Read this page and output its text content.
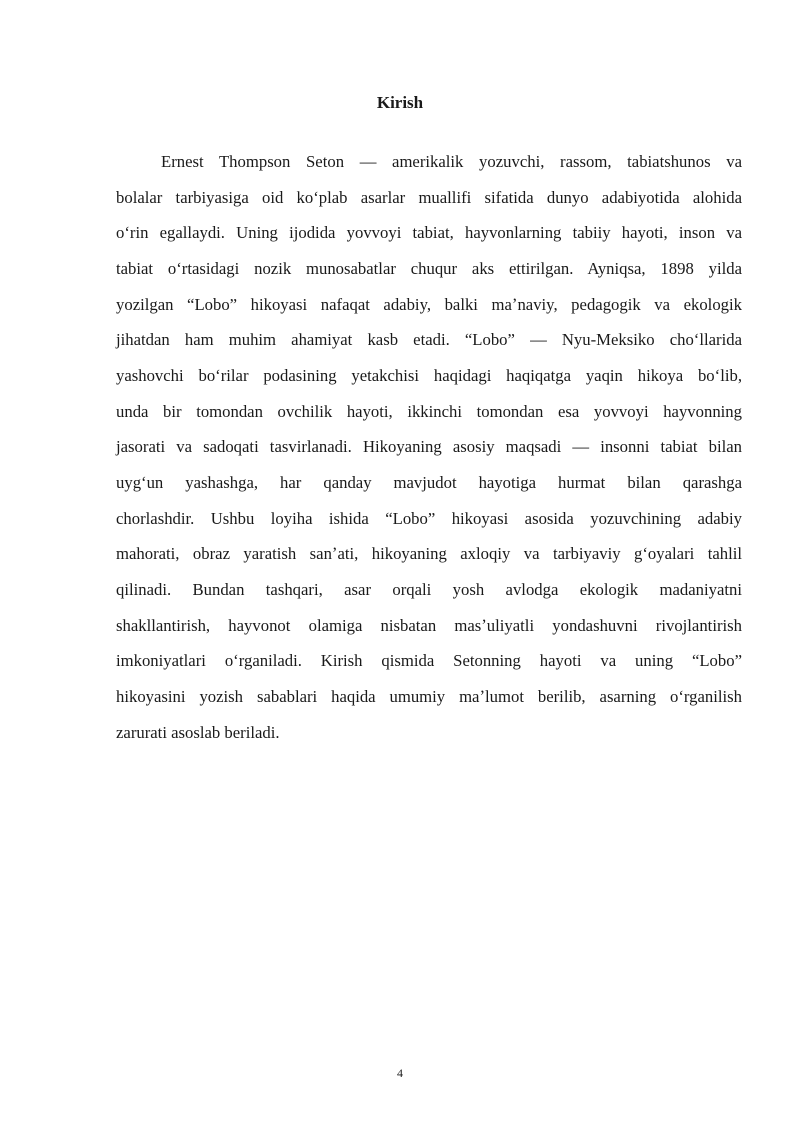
Kirish
Ernest Thompson Seton — amerikalik yozuvchi, rassom, tabiatshunos va
bolalar tarbiyasiga oid koʻplab asarlar muallifi sifatida dunyo adabiyotida alohida
oʻrin egallaydi. Uning ijodida yovvoyi tabiat, hayvonlarning tabiiy hayoti, inson va
tabiat oʻrtasidagi nozik munosabatlar chuqur aks ettirilgan. Ayniqsa, 1898 yilda
yozilgan “Lobo” hikoyasi nafaqat adabiy, balki maʼnaviy, pedagogik va ekologik
jihatdan ham muhim ahamiyat kasb etadi. “Lobo” — Nyu-Meksiko choʻllarida
yashovchi boʻrilar podasining yetakchisi haqidagi haqiqatga yaqin hikoya boʻlib,
unda bir tomondan ovchilik hayoti, ikkinchi tomondan esa yovvoyi hayvonning
jasorati va sadoqati tasvirlanadi. Hikoyaning asosiy maqsadi — insonni tabiat bilan
uygʻun yashashga, har qanday mavjudot hayotiga hurmat bilan qarashga
chorlashdir. Ushbu loyiha ishida “Lobo” hikoyasi asosida yozuvchining adabiy
mahorati, obraz yaratish sanʼati, hikoyaning axloqiy va tarbiyaviy gʻoyalari tahlil
qilinadi. Bundan tashqari, asar orqali yosh avlodga ekologik madaniyatni
shakllantirish, hayvonot olamiga nisbatan masʼuliyatli yondashuvni rivojlantirish
imkoniyatlari oʻrganiladi. Kirish qismida Setonning hayoti va uning “Lobo”
hikoyasini yozish sabablari haqida umumiy maʼlumot berilib, asarning oʻrganilish
zarurati asoslab beriladi.
4
